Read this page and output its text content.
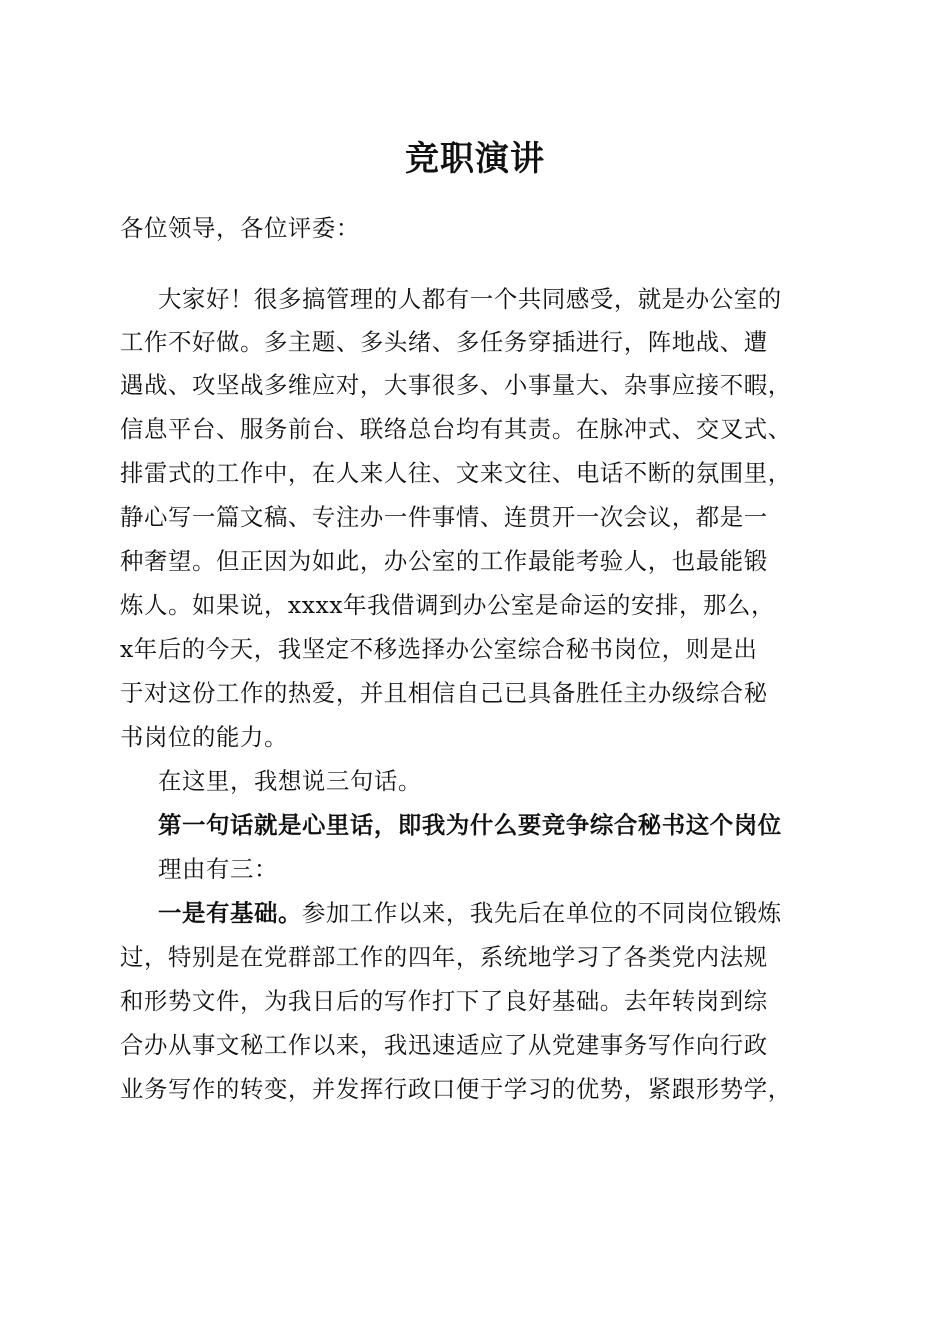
竞职演讲
各位领导，各位评委：
大家好！很多搞管理的人都有一个共同感受，就是办公室的
工作不好做。多主题、多头绪、多任务穿插进行，阵地战、遭
遇战、攻坚战多维应对，大事很多、小事量大、杂事应接不暇，
信息平台、服务前台、联络总台均有其责。在脉冲式、交叉式、
排雷式的工作中，在人来人往、文来文往、电话不断的氛围里，
静心写一篇文稿、专注办一件事情、连贯开一次会议，都是一
种奢望。但正因为如此，办公室的工作最能考验人，也最能锻
炼人。如果说，xxxx年我借调到办公室是命运的安排，那么，
x年后的今天，我坚定不移选择办公室综合秘书岗位，则是出
于对这份工作的热爱，并且相信自己已具备胜任主办级综合秘
书岗位的能力。
在这里，我想说三句话。
第一句话就是心里话，即我为什么要竞争综合秘书这个岗位
理由有三：
一是有基础。参加工作以来，我先后在单位的不同岗位锻炼
过，特别是在党群部工作的四年，系统地学习了各类党内法规
和形势文件，为我日后的写作打下了良好基础。去年转岗到综
合办从事文秘工作以来，我迅速适应了从党建事务写作向行政
业务写作的转变，并发挥行政口便于学习的优势，紧跟形势学，
